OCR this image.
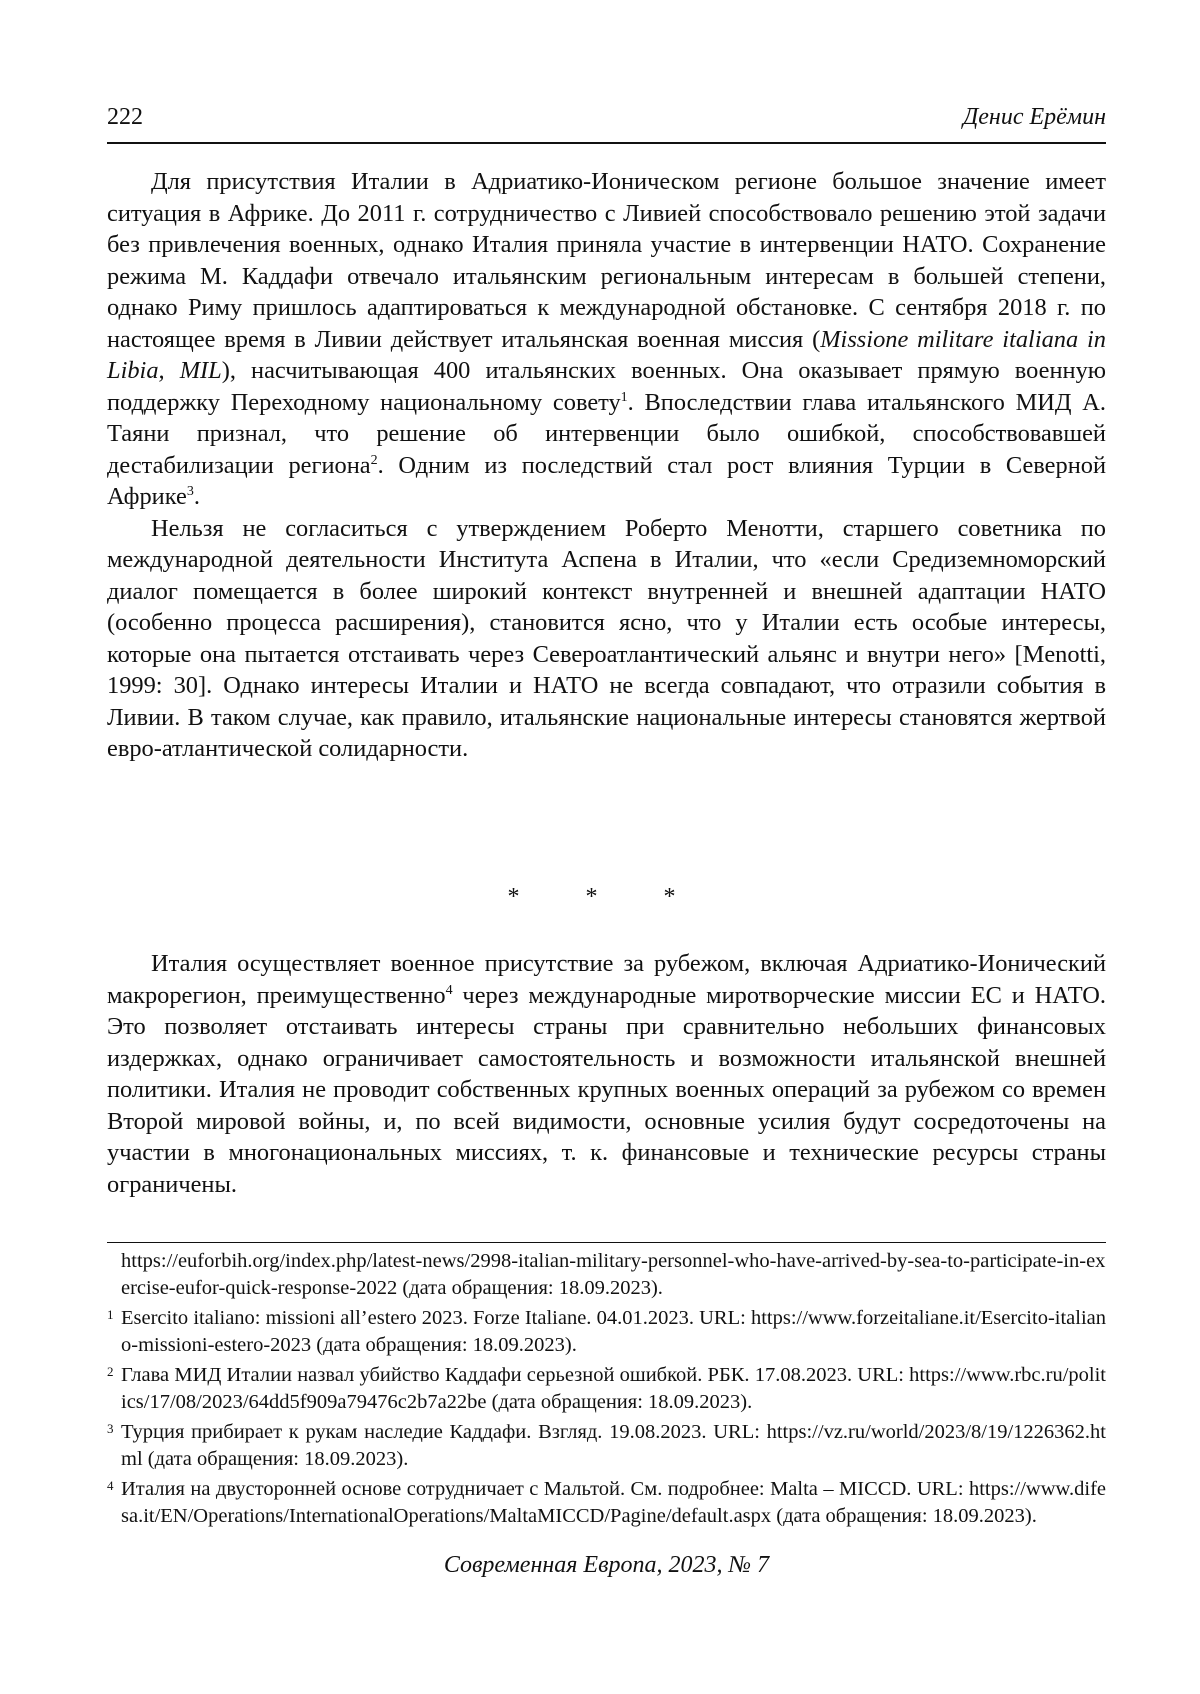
222	Денис Ерёмин

Для присутствия Италии в Адриатико-Ионическом регионе большое значение имеет ситуация в Африке. До 2011 г. сотрудничество с Ливией способствовало решению этой задачи без привлечения военных, однако Италия приняла участие в интервенции НАТО. Сохранение режима М. Каддафи отвечало итальянским региональным интересам в большей степени, однако Риму пришлось адаптироваться к международной обстановке. С сентября 2018 г. по настоящее время в Ливии действует итальянская военная миссия (Missione militare italiana in Libia, MIL), насчитывающая 400 итальянских военных. Она оказывает прямую военную поддержку Переходному национальному совету$^1$. Впоследствии глава итальянского МИД А. Таяни признал, что решение об интервенции было ошибкой, способствовавшей дестабилизации региона$^2$. Одним из последствий стал рост влияния Турции в Северной Африке$^3$.

Нельзя не согласиться с утверждением Роберто Менотти, старшего советника по международной деятельности Института Аспена в Италии, что «если Средиземноморский диалог помещается в более широкий контекст внутренней и внешней адаптации НАТО (особенно процесса расширения), становится ясно, что у Италии есть особые интересы, которые она пытается отстаивать через Североатлантический альянс и внутри него» [Menotti, 1999: 30]. Однако интересы Италии и НАТО не всегда совпадают, что отразили события в Ливии. В таком случае, как правило, итальянские национальные интересы становятся жертвой евро-атлантической солидарности.

* * *

Италия осуществляет военное присутствие за рубежом, включая Адриатико-Ионический макрорегион, преимущественно$^4$ через международные миротворческие миссии ЕС и НАТО. Это позволяет отстаивать интересы страны при сравнительно небольших финансовых издержках, однако ограничивает самостоятельность и возможности итальянской внешней политики. Италия не проводит собственных крупных военных операций за рубежом со времен Второй мировой войны, и, по всей видимости, основные усилия будут сосредоточены на участии в многонациональных миссиях, т. к. финансовые и технические ресурсы страны ограничены.

https://euforbih.org/index.php/latest-news/2998-italian-military-personnel-who-have-arrived-by-sea-to-participate-in-exercise-eufor-quick-response-2022 (дата обращения: 18.09.2023).
1 Esercito italiano: missioni all’estero 2023. Forze Italiane. 04.01.2023. URL: https://www.forzeitaliane.it/Esercito-italiano-missioni-estero-2023 (дата обращения: 18.09.2023).
2 Глава МИД Италии назвал убийство Каддафи серьезной ошибкой. РБК. 17.08.2023. URL: https://www.rbc.ru/politics/17/08/2023/64dd5f909a79476c2b7a22be (дата обращения: 18.09.2023).
3 Турция прибирает к рукам наследие Каддафи. Взгляд. 19.08.2023. URL: https://vz.ru/world/2023/8/19/1226362.html (дата обращения: 18.09.2023).
4 Италия на двусторонней основе сотрудничает с Мальтой. См. подробнее: Malta – MICCD. URL: https://www.difesa.it/EN/Operations/InternationalOperations/MaltaMICCD/Pagine/default.aspx (дата обращения: 18.09.2023).
Современная Европа, 2023, № 7
